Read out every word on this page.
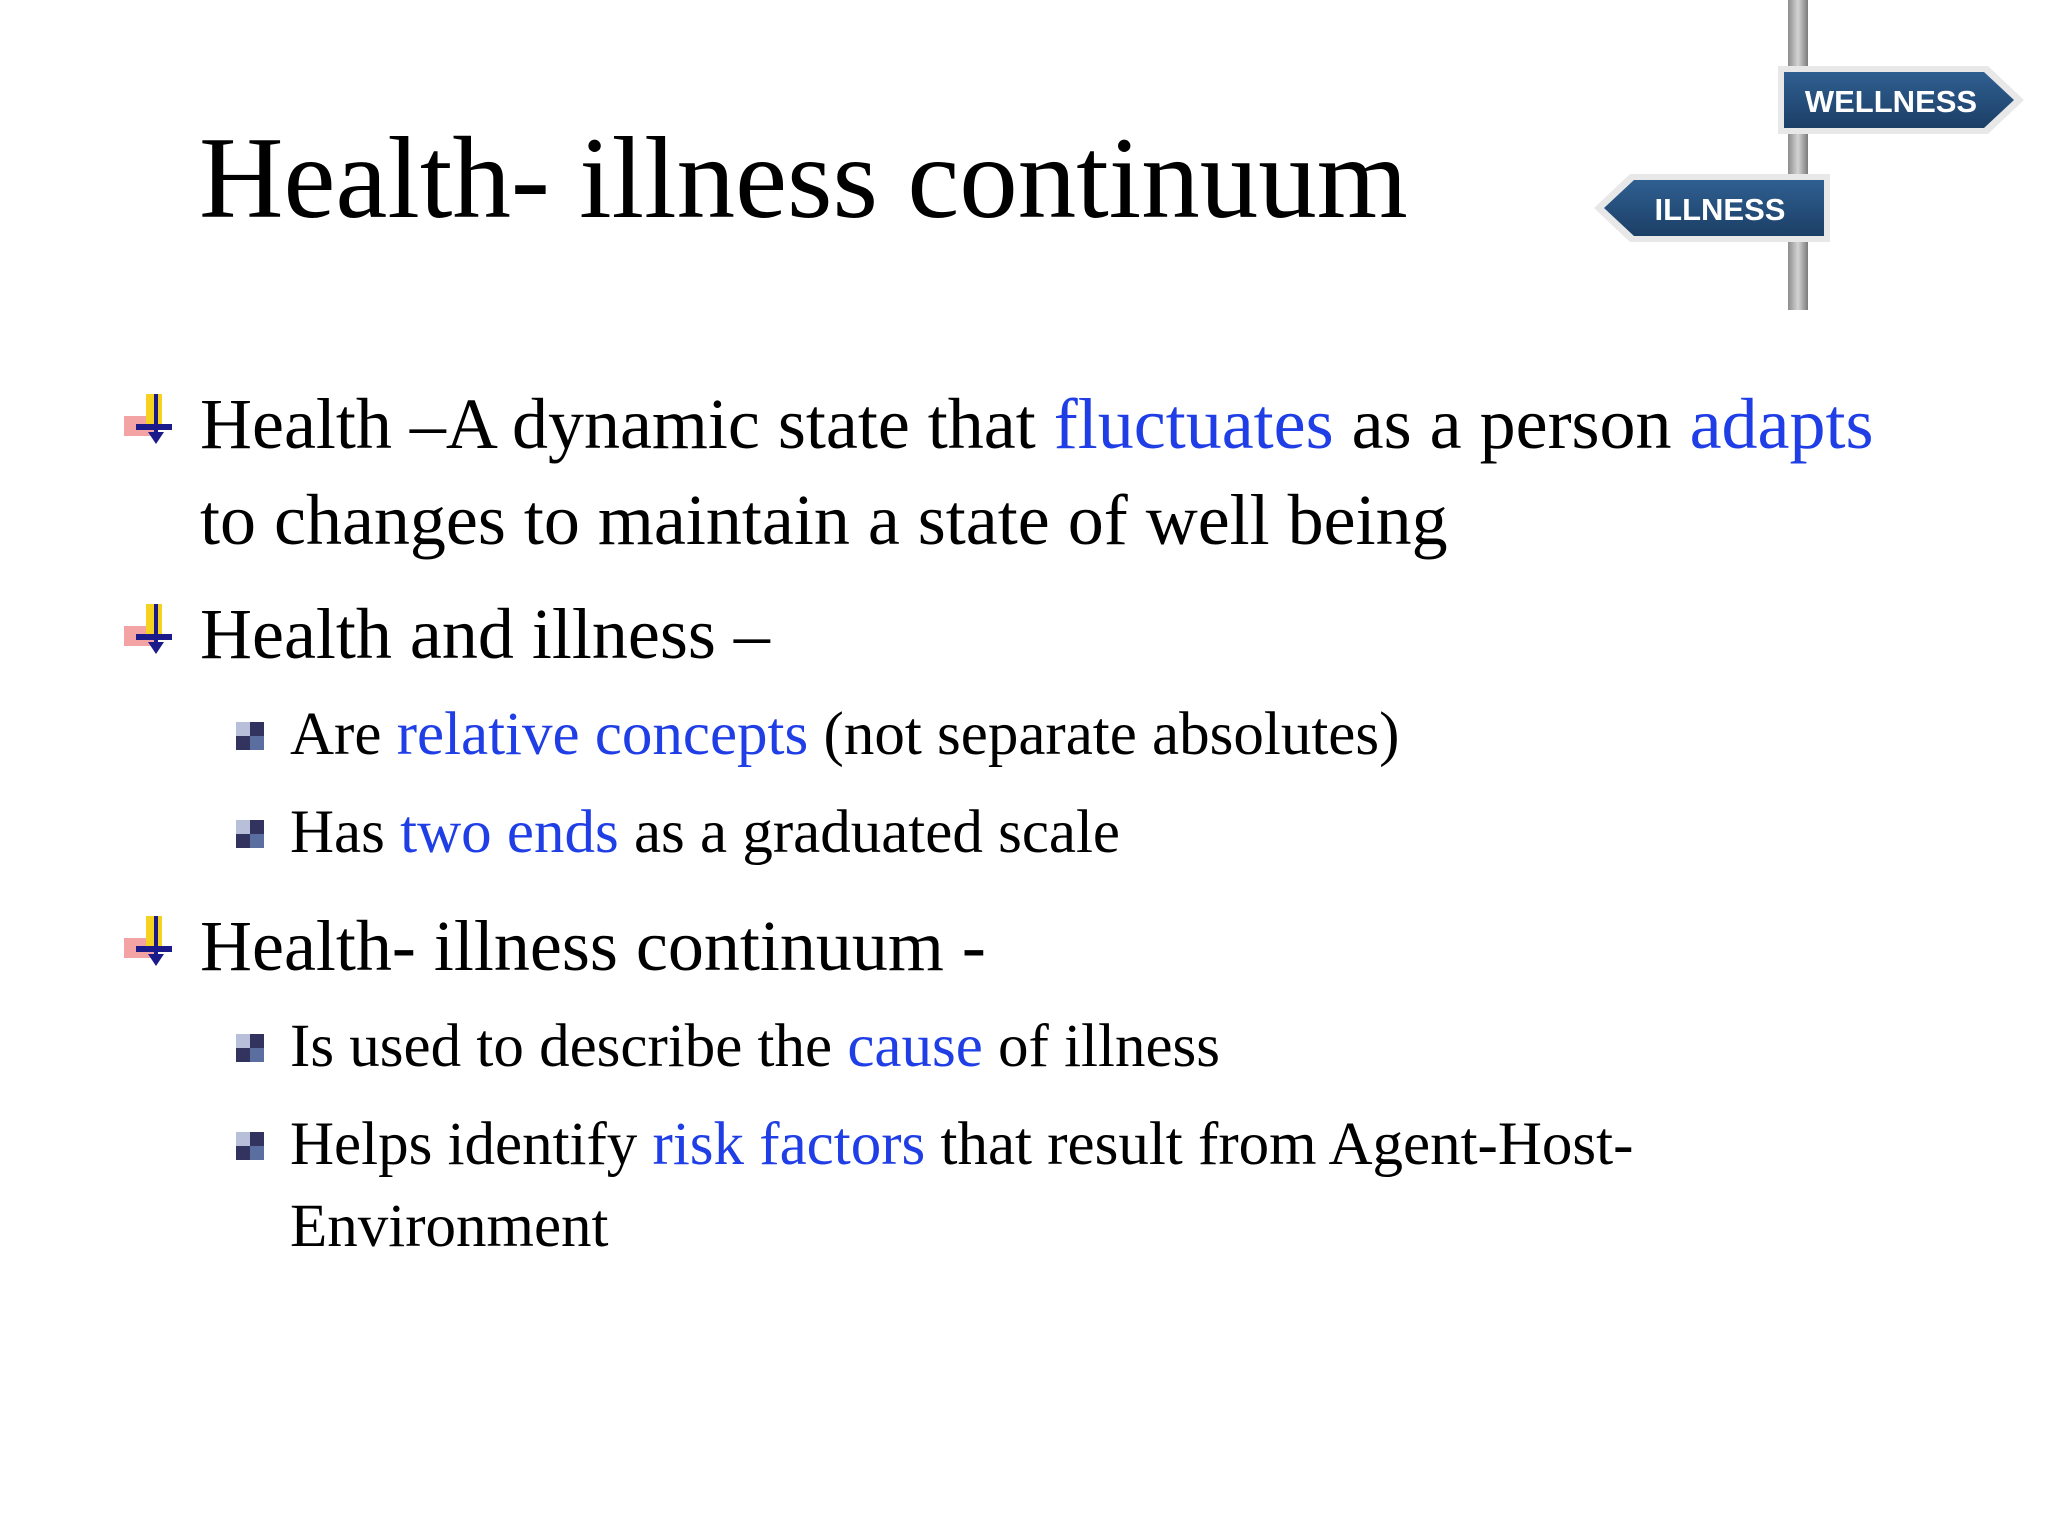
Health- illness continuum
WELLNESS
ILLNESS
Health –A dynamic state that fluctuates as a person adapts to changes to maintain a state of well being
Health and illness –
Are relative concepts (not separate absolutes)
Has two ends as a graduated scale
Health- illness continuum -
Is used to describe the cause of illness
Helps identify risk factors that result from Agent-Host-Environment
